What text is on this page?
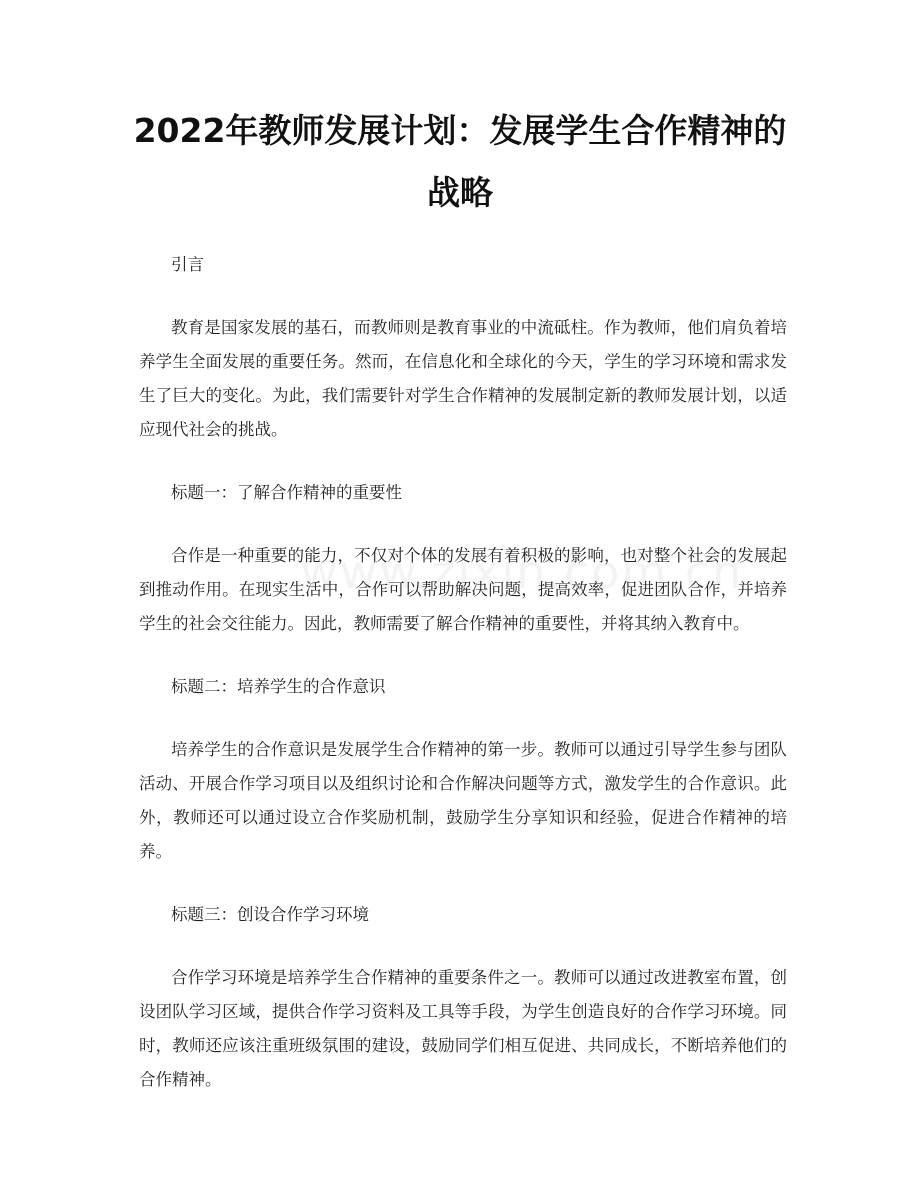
2022年教师发展计划：发展学生合作精神的战略

引言

教育是国家发展的基石，而教师则是教育事业的中流砥柱。作为教师，他们肩负着培养学生全面发展的重要任务。然而，在信息化和全球化的今天，学生的学习环境和需求发生了巨大的变化。为此，我们需要针对学生合作精神的发展制定新的教师发展计划，以适应现代社会的挑战。

标题一：了解合作精神的重要性

合作是一种重要的能力，不仅对个体的发展有着积极的影响，也对整个社会的发展起到推动作用。在现实生活中，合作可以帮助解决问题，提高效率，促进团队合作，并培养学生的社会交往能力。因此，教师需要了解合作精神的重要性，并将其纳入教育中。

标题二：培养学生的合作意识

培养学生的合作意识是发展学生合作精神的第一步。教师可以通过引导学生参与团队活动、开展合作学习项目以及组织讨论和合作解决问题等方式，激发学生的合作意识。此外，教师还可以通过设立合作奖励机制，鼓励学生分享知识和经验，促进合作精神的培养。

标题三：创设合作学习环境

合作学习环境是培养学生合作精神的重要条件之一。教师可以通过改进教室布置，创设团队学习区域，提供合作学习资料及工具等手段，为学生创造良好的合作学习环境。同时，教师还应该注重班级氛围的建设，鼓励同学们相互促进、共同成长，不断培养他们的合作精神。
